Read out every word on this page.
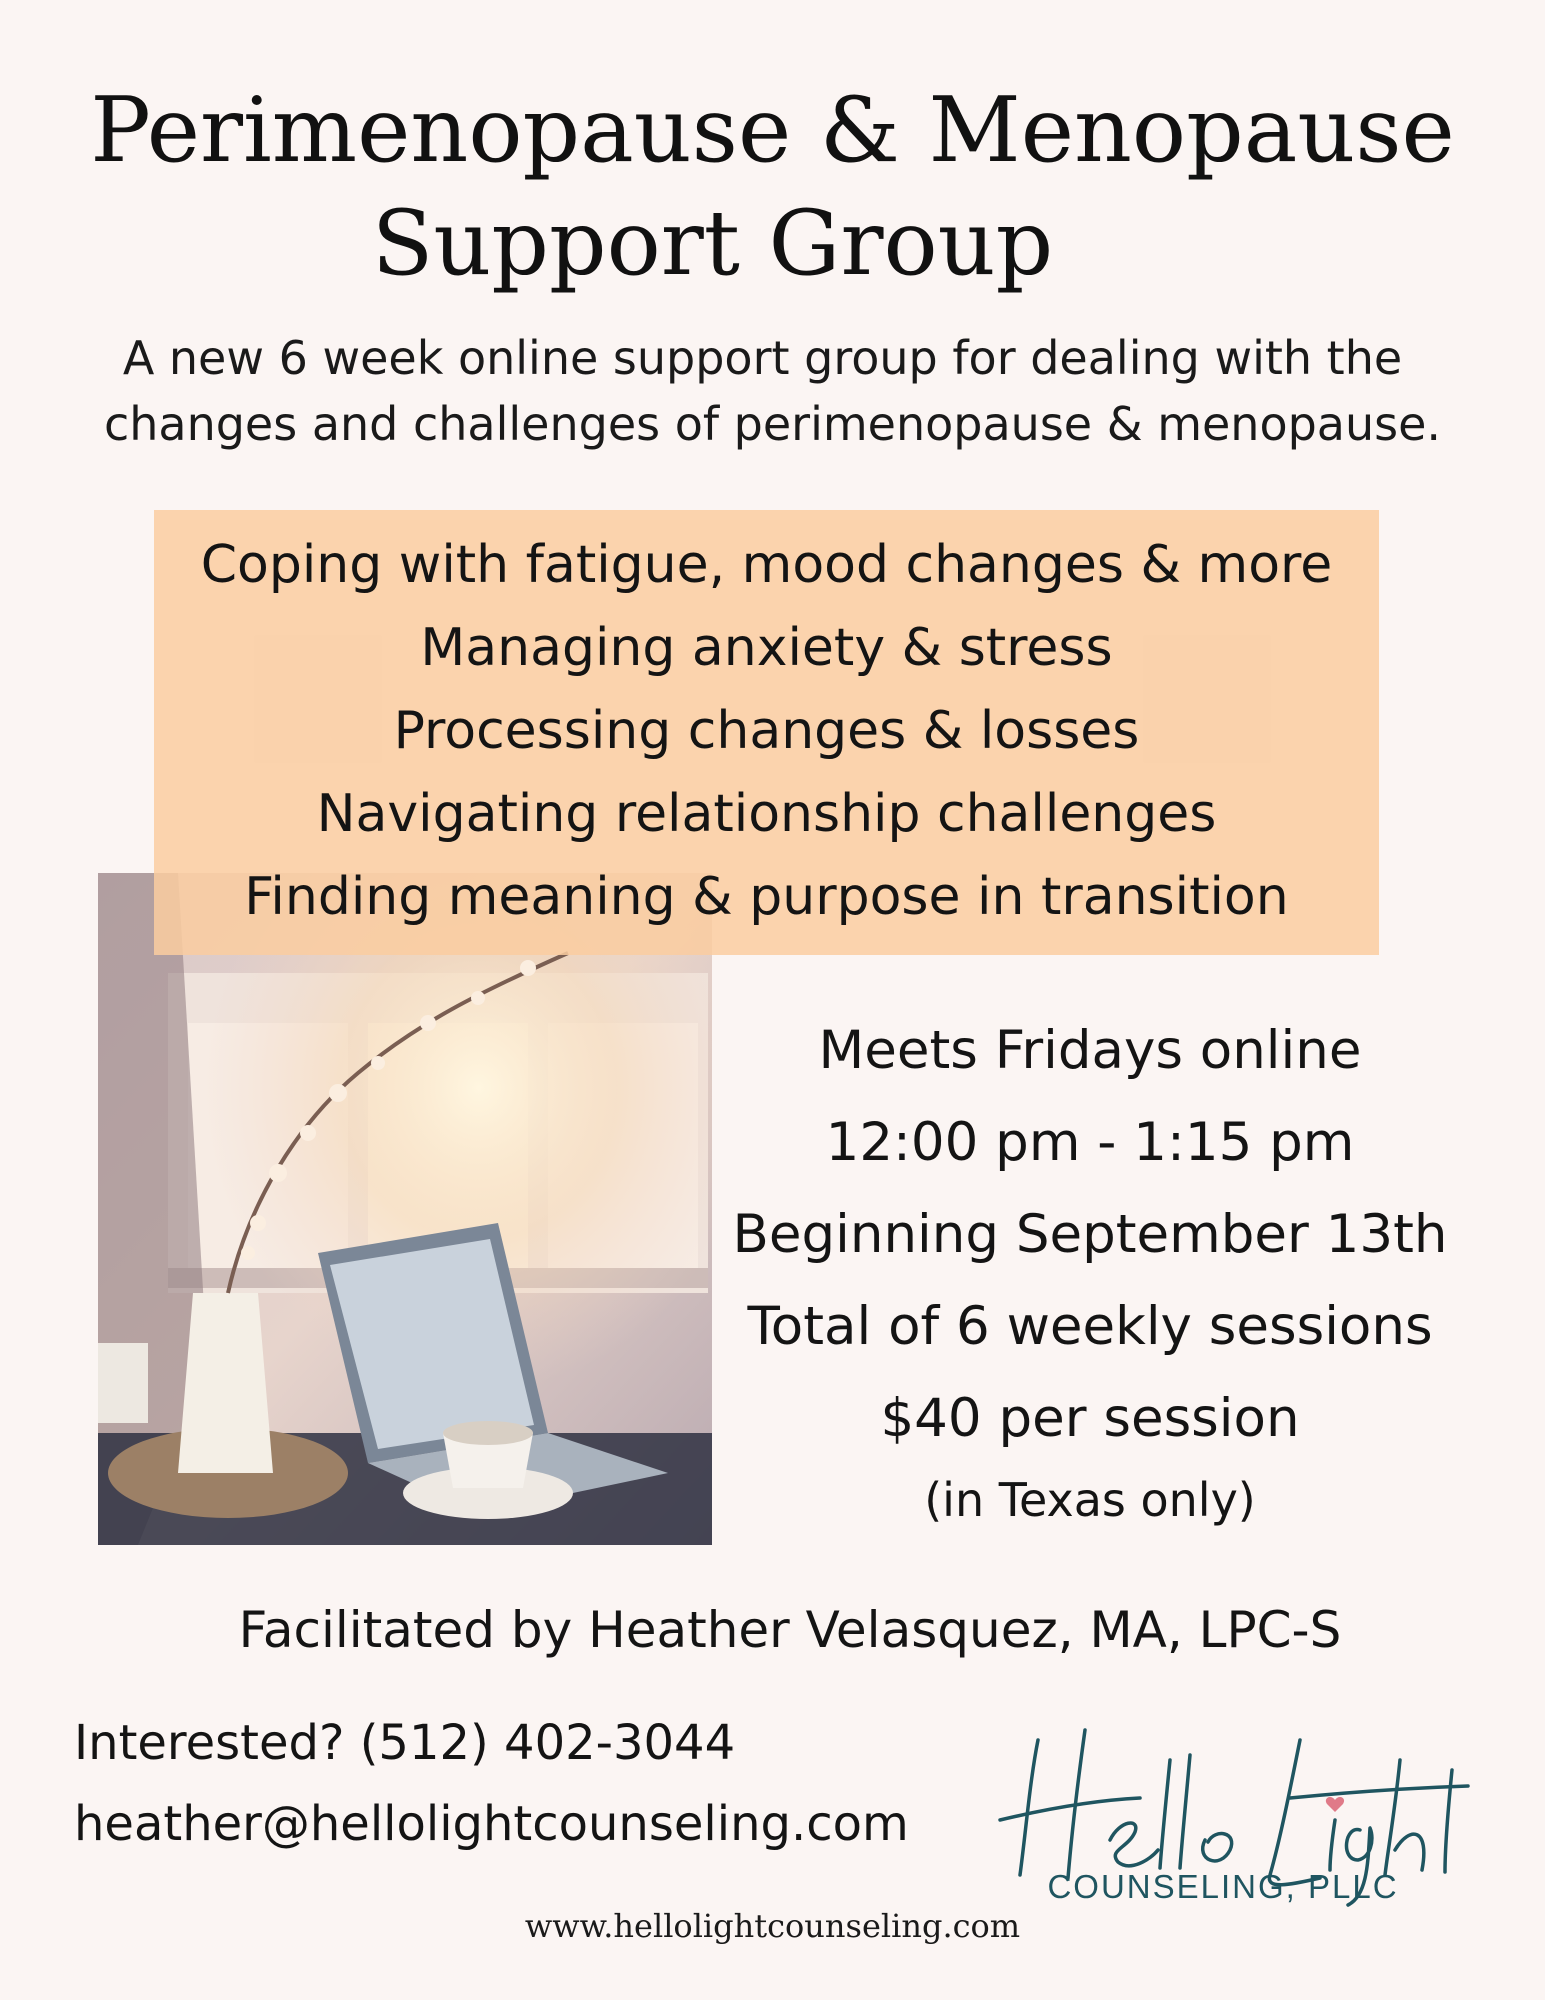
Perimenopause & Menopause
Support Group
A new 6 week online support group for dealing with the
changes and challenges of perimenopause & menopause.
Coping with fatigue, mood changes & more
Managing anxiety & stress
Processing changes & losses
Navigating relationship challenges
Finding meaning & purpose in transition
Meets Fridays online
12:00 pm - 1:15 pm
Beginning September 13th
Total of 6 weekly sessions
$40 per session
(in Texas only)
Facilitated by Heather Velasquez, MA, LPC-S
Interested? (512) 402-3044
heather@hellolightcounseling.com
COUNSELING, PLLC
www.hellolightcounseling.com
